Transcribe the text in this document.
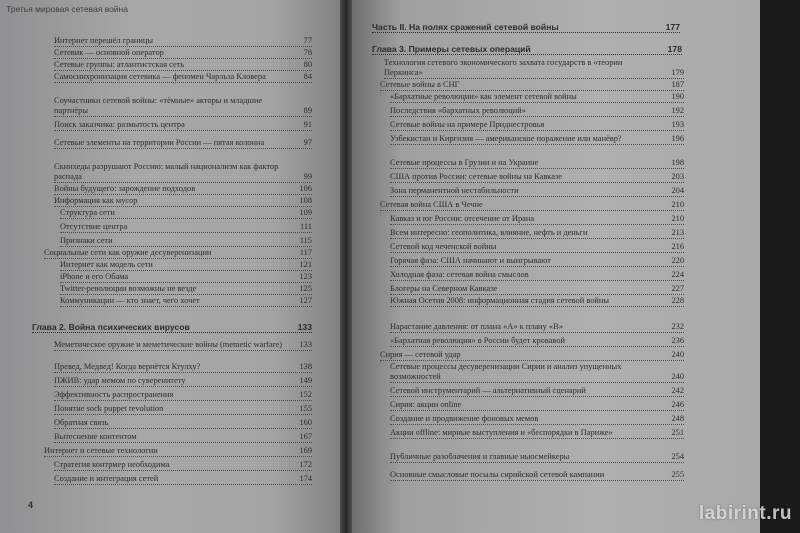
Третья мировая сетевая война
Интернет перешёл границы	77
Сетевик — основной оператор	78
Сетевые группы: атлантистская сеть	80
Самосинхронизация сетевика — феномен Чарльза Кловера	84
Соучастники сетевой войны: «тёмные» акторы и младшие партнёры	89
Поиск заказчика: размытость центра	91
Сетевые элементы на территории России — пятая колонна	97
Скинхеды разрушают Россию: малый национализм как фактор распада	99
Войны будущего: зарождение подходов	106
Информация как мусор	108
Структура сети	109
Отсутствие центра	111
Признаки сети	115
Социальные сети как оружие десуверенизации	117
Интернет как модель сети	121
iPhone и его Обама	123
Twitter-революции возможны не везде	125
Коммуникации — кто знает, чего хочет	127
Глава 2. Война психических вирусов	133
Меметическое оружие и меметические войны (memetic warfare)	133
Превед, Медвед! Когда вернётся Ктулху?	138
ПЖИВ: удар мемом по суверенитету	149
Эффективность распространения	152
Понятие sock puppet revolution	155
Обратная связь	160
Вытеснение контентом	167
Интернет и сетевые технологии	169
Стратегия контрмер необходима	172
Создание и интеграция сетей	174
4
Часть II. На полях сражений сетевой войны	177
Глава 3. Примеры сетевых операций	178
Технология сетевого экономического захвата государств в «теории Перкинса»	179
Сетевые войны в СНГ	187
«Бархатные революции» как элемент сетевой войны	190
Последствия «бархатных революций»	192
Сетевые войны на примере Приднестровья	193
Узбекистан и Киргизия — американское поражение или манёвр?	196
Сетевые процессы в Грузии и на Украине	198
США против России: сетевые войны на Кавказе	203
Зона перманентной нестабильности	204
Сетевая война США в Чечне	210
Кавказ и юг России: отсечение от Ирана	210
Всем интересно: геополитика, влияние, нефть и деньги	213
Сетевой код чеченской войны	216
Горячая фаза: США начинают и выигрывают	220
Холодная фаза: сетевая война смыслов	224
Блогеры на Северном Кавказе	227
Южная Осетия 2008: информационная стадия сетевой войны	228
Нарастание давления: от плана «А» к плану «В»	232
«Бархатная революция» в России будет кровавой	236
Сирия — сетевой удар	240
Сетевые процессы десуверенизации Сирии и анализ упущенных возможностей	240
Сетевой инструментарий — альтернативный сценарий	242
Сирия: акции online	246
Создание и продвижение фоновых мемов	248
Акции offline: мирные выступления и «беспорядки в Париже»	251
Публичные разоблачения и главные ньюсмейкеры	254
Основные смысловые посылы сирийской сетевой кампании	255
labirint.ru
